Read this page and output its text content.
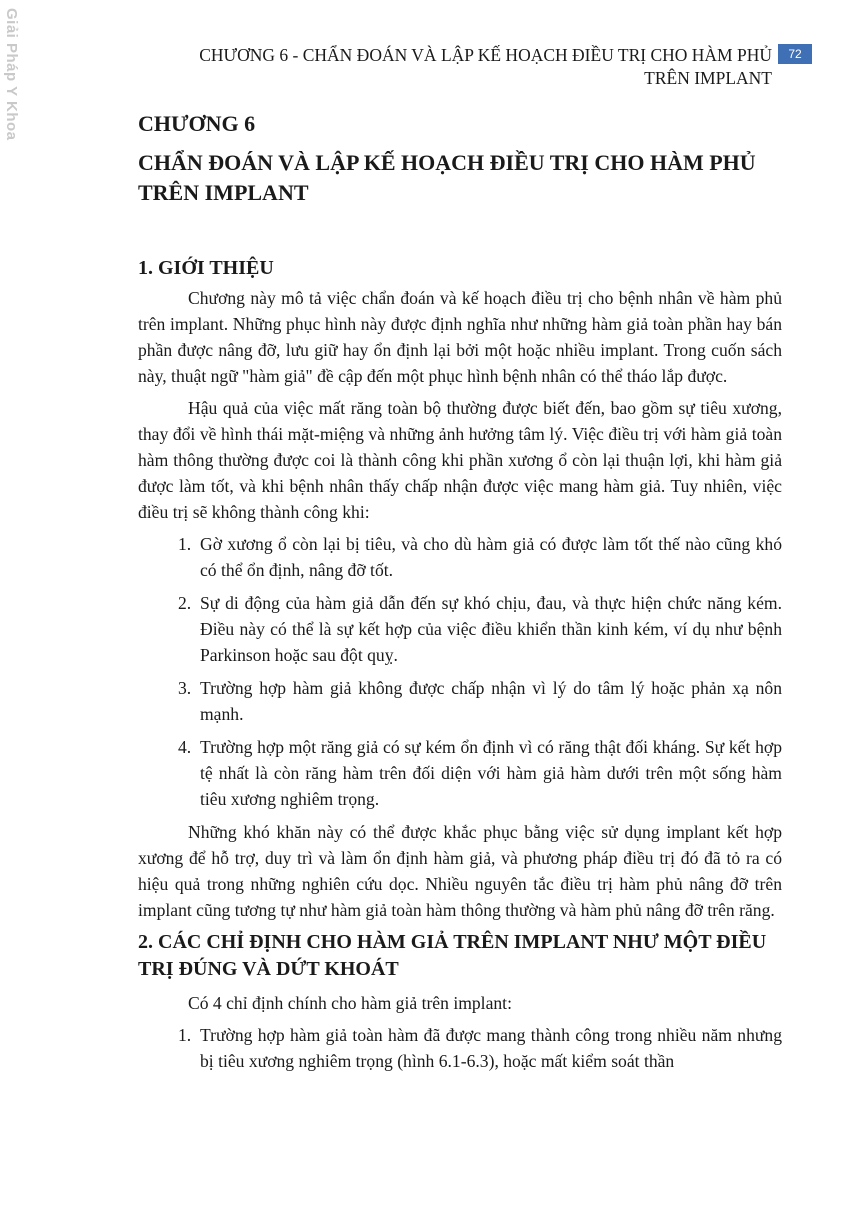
Giải Pháp Y Khoa	CHƯƠNG 6 - CHẨN ĐOÁN VÀ LẬP KẾ HOẠCH ĐIỀU TRỊ CHO HÀM PHỦ TRÊN IMPLANT
72
CHƯƠNG 6
CHẨN ĐOÁN VÀ LẬP KẾ HOẠCH ĐIỀU TRỊ CHO HÀM PHỦ TRÊN IMPLANT
1. GIỚI THIỆU

Chương này mô tả việc chẩn đoán và kế hoạch điều trị cho bệnh nhân về hàm phủ trên implant. Những phục hình này được định nghĩa như những hàm giả toàn phần hay bán phần được nâng đỡ, lưu giữ hay ổn định lại bởi một hoặc nhiều implant. Trong cuốn sách này, thuật ngữ "hàm giả" đề cập đến một phục hình bệnh nhân có thể tháo lắp được.

Hậu quả của việc mất răng toàn bộ thường được biết đến, bao gồm sự tiêu xương, thay đổi về hình thái mặt-miệng và những ảnh hưởng tâm lý. Việc điều trị với hàm giả toàn hàm thông thường được coi là thành công khi phần xương ổ còn lại thuận lợi, khi hàm giả được làm tốt, và khi bệnh nhân thấy chấp nhận được việc mang hàm giả. Tuy nhiên, việc điều trị sẽ không thành công khi:

1. Gờ xương ổ còn lại bị tiêu, và cho dù hàm giả có được làm tốt thế nào cũng khó có thể ổn định, nâng đỡ tốt.
2. Sự di động của hàm giả dẫn đến sự khó chịu, đau, và thực hiện chức năng kém. Điều này có thể là sự kết hợp của việc điều khiển thần kinh kém, ví dụ như bệnh Parkinson hoặc sau đột quỵ.
3. Trường hợp hàm giả không được chấp nhận vì lý do tâm lý hoặc phản xạ nôn mạnh.
4. Trường hợp một răng giả có sự kém ổn định vì có răng thật đối kháng. Sự kết hợp tệ nhất là còn răng hàm trên đối diện với hàm giả hàm dưới trên một sống hàm tiêu xương nghiêm trọng.

Những khó khăn này có thể được khắc phục bằng việc sử dụng implant kết hợp xương để hỗ trợ, duy trì và làm ổn định hàm giả, và phương pháp điều trị đó đã tỏ ra có hiệu quả trong những nghiên cứu dọc. Nhiều nguyên tắc điều trị hàm phủ nâng đỡ trên implant cũng tương tự như hàm giả toàn hàm thông thường và hàm phủ nâng đỡ trên răng.

2. CÁC CHỈ ĐỊNH CHO HÀM GIẢ TRÊN IMPLANT NHƯ MỘT ĐIỀU TRỊ ĐÚNG VÀ DỨT KHOÁT

Có 4 chỉ định chính cho hàm giả trên implant:

1. Trường hợp hàm giả toàn hàm đã được mang thành công trong nhiều năm nhưng bị tiêu xương nghiêm trọng (hình 6.1-6.3), hoặc mất kiểm soát thần
